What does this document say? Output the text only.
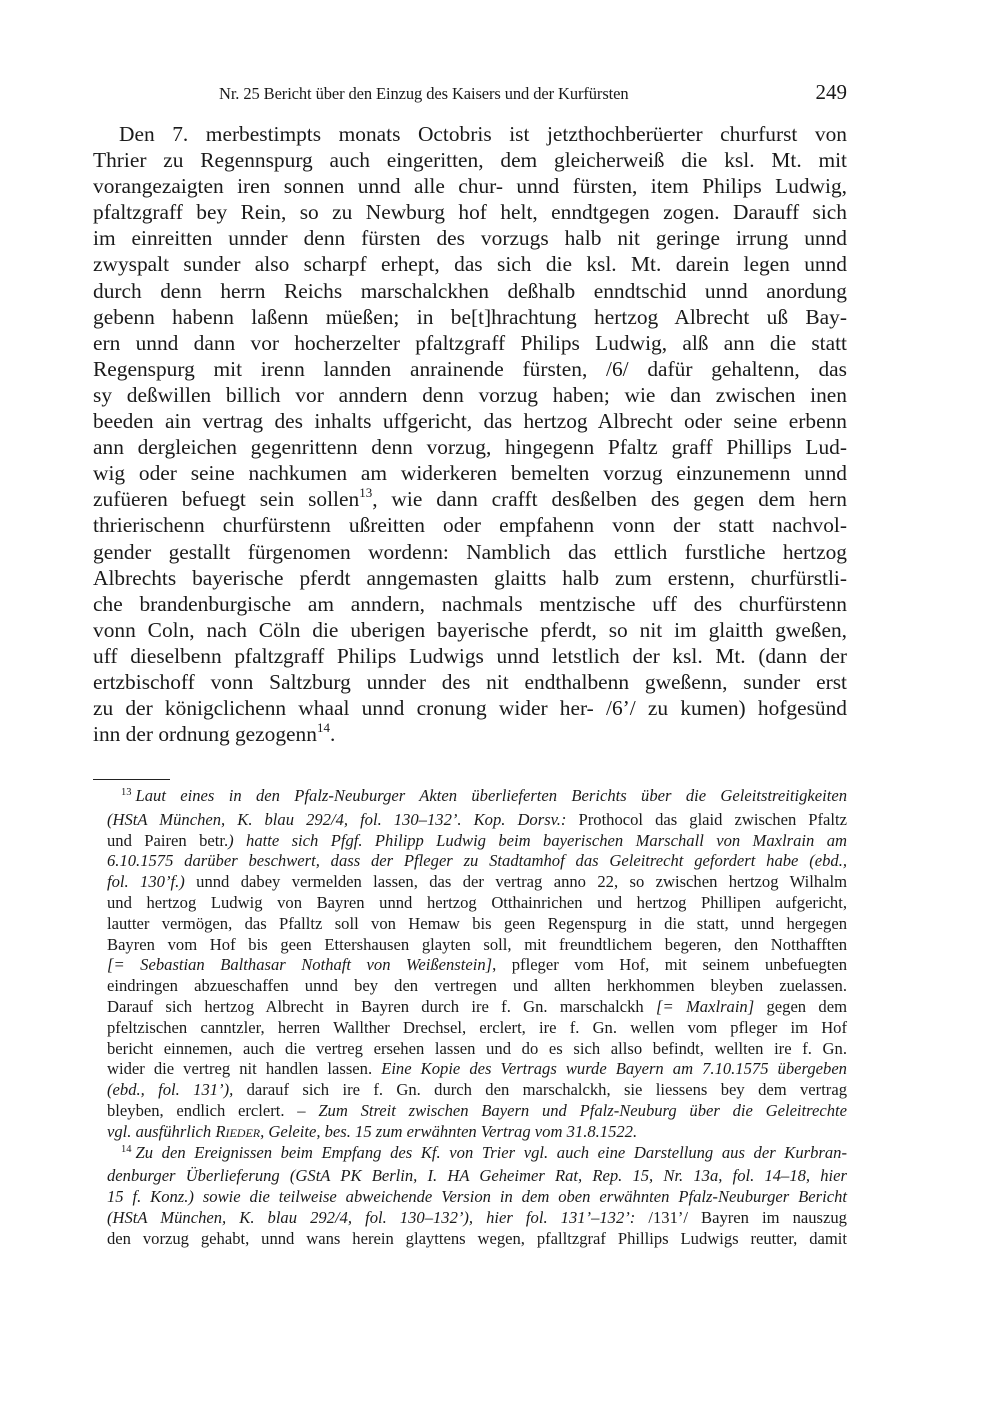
Nr. 25 Bericht über den Einzug des Kaisers und der Kurfürsten	249

Den 7. merbestimpts monats Octobris ist jetzthochberüerter churfurst von
Thrier zu Regennspurg auch eingeritten, dem gleicherweiß die ksl. Mt. mit
vorangezaigten iren sonnen unnd alle chur- unnd fürsten, item Philips Ludwig,
pfaltzgraff bey Rein, so zu Newburg hof helt, enndtgegen zogen. Darauff sich
im einreitten unnder denn fürsten des vorzugs halb nit geringe irrung unnd
zwyspalt sunder also scharpf erhept, das sich die ksl. Mt. darein legen unnd
durch denn herrn Reichs marschalckhen deßhalb enndtschid unnd anordung
gebenn habenn laßenn müeßen; in be[t]hrachtung hertzog Albrecht uß Bay-
ern unnd dann vor hocherzelter pfaltzgraff Philips Ludwig, alß ann die statt
Regenspurg mit irenn lannden anrainende fürsten, /6/ dafür gehaltenn, das
sy deßwillen billich vor anndern denn vorzug haben; wie dan zwischen inen
beeden ain vertrag des inhalts uffgericht, das hertzog Albrecht oder seine erbenn
ann dergleichen gegenrittenn denn vorzug, hingegenn Pfaltz graff Phillips Lud-
wig oder seine nachkumen am widerkeren bemelten vorzug einzunemenn unnd
zufüeren befuegt sein sollen$^{13}$, wie dann crafft desßelben des gegen dem hern
thrierischenn churfürstenn ußreitten oder empfahenn vonn der statt nachvol-
gender gestallt fürgenomen wordenn: Namblich das ettlich furstliche hertzog
Albrechts bayerische pferdt anngemasten glaitts halb zum erstenn, churfürstli-
che brandenburgische am anndern, nachmals mentzische uff des churfürstenn
vonn Coln, nach Cöln die uberigen bayerische pferdt, so nit im glaitth gweßen,
uff dieselbenn pfaltzgraff Philips Ludwigs unnd letstlich der ksl. Mt. (dann der
ertzbischoff vonn Saltzburg unnder des nit endthalbenn gweßenn, sunder erst
zu der königclichenn whaal unnd cronung wider her- /6’/ zu kumen) hofgesünd
inn der ordnung gezogenn$^{14}$.

$^{13}$ Laut eines in den Pfalz-Neuburger Akten überlieferten Berichts über die Geleitstreitigkeiten
(HStA München, K. blau 292/4, fol. 130–132’. Kop. Dorsv.: Prothocol das glaid zwischen Pfaltz
und Pairen betr.) hatte sich Pfgf. Philipp Ludwig beim bayerischen Marschall von Maxlrain am
6.10.1575 darüber beschwert, dass der Pfleger zu Stadtamhof das Geleitrecht gefordert habe (ebd.,
fol. 130’f.) unnd dabey vermelden lassen, das der vertrag anno 22, so zwischen hertzog Wilhalm
und hertzog Ludwig von Bayren unnd hertzog Otthainrichen und hertzog Phillipen aufgericht,
lautter vermögen, das Pfalltz soll von Hemaw bis geen Regenspurg in die statt, unnd hergegen
Bayren vom Hof bis geen Ettershausen glayten soll, mit freundtlichem begeren, den Notthafften
[= Sebastian Balthasar Nothaft von Weißenstein], pfleger vom Hof, mit seinem unbefuegten
eindringen abzueschaffen unnd bey den vertregen und allten herkhommen bleyben zuelassen.
Darauf sich hertzog Albrecht in Bayren durch ire f. Gn. marschalckh [= Maxlrain] gegen dem
pfeltzischen canntzler, herren Wallther Drechsel, erclert, ire f. Gn. wellen vom pfleger im Hof
bericht einnemen, auch die vertreg ersehen lassen und do es sich allso befindt, wellten ire f. Gn.
wider die vertreg nit handlen lassen. Eine Kopie des Vertrags wurde Bayern am 7.10.1575 übergeben
(ebd., fol. 131’), darauf sich ire f. Gn. durch den marschalckh, sie liessens bey dem vertrag
bleyben, endlich erclert. – Zum Streit zwischen Bayern und Pfalz-Neuburg über die Geleitrechte
vgl. ausführlich Rieder, Geleite, bes. 15 zum erwähnten Vertrag vom 31.8.1522.
$^{14}$ Zu den Ereignissen beim Empfang des Kf. von Trier vgl. auch eine Darstellung aus der Kurbran-
denburger Überlieferung (GStA PK Berlin, I. HA Geheimer Rat, Rep. 15, Nr. 13a, fol. 14–18, hier
15 f. Konz.) sowie die teilweise abweichende Version in dem oben erwähnten Pfalz-Neuburger Bericht
(HStA München, K. blau 292/4, fol. 130–132’), hier fol. 131’–132’: /131’/ Bayren im nauszug
den vorzug gehabt, unnd wans herein glayttens wegen, pfalltzgraf Phillips Ludwigs reutter, damit
